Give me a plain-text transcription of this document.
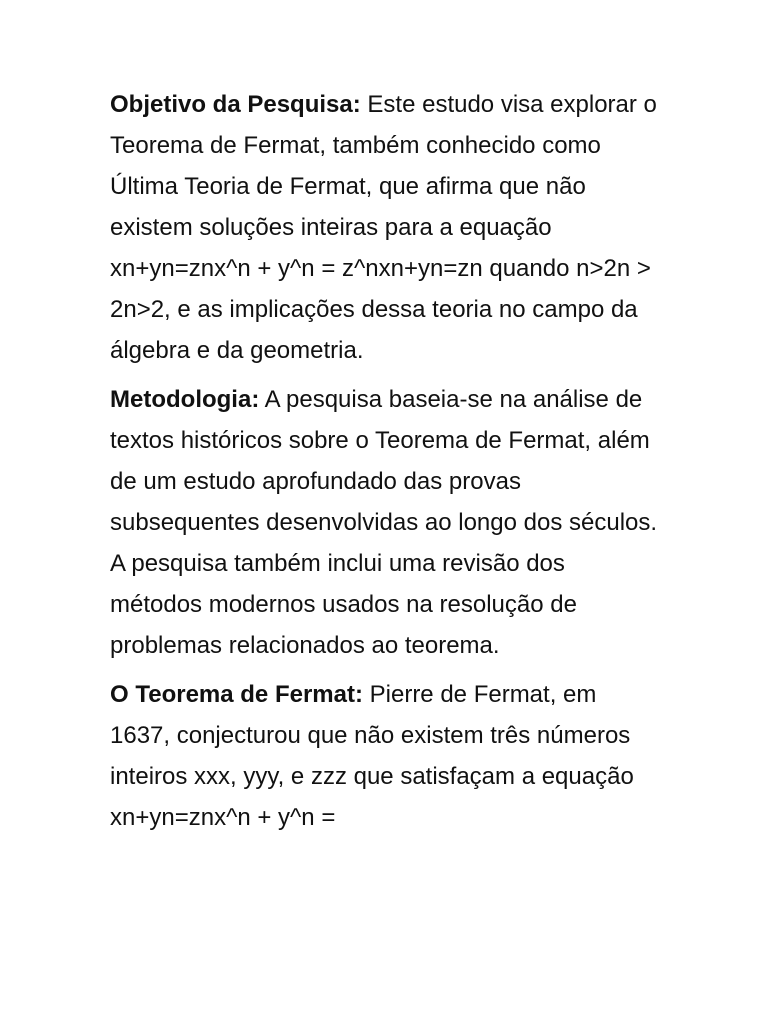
Objetivo da Pesquisa: Este estudo visa explorar o Teorema de Fermat, também conhecido como Última Teoria de Fermat, que afirma que não existem soluções inteiras para a equação xn+yn=znx^n + y^n = z^nxn+yn=zn quando n>2n > 2n>2, e as implicações dessa teoria no campo da álgebra e da geometria.

Metodologia: A pesquisa baseia-se na análise de textos históricos sobre o Teorema de Fermat, além de um estudo aprofundado das provas subsequentes desenvolvidas ao longo dos séculos. A pesquisa também inclui uma revisão dos métodos modernos usados na resolução de problemas relacionados ao teorema.

O Teorema de Fermat: Pierre de Fermat, em 1637, conjecturou que não existem três números inteiros xxx, yyy, e zzz que satisfaçam a equação xn+yn=znx^n + y^n =
